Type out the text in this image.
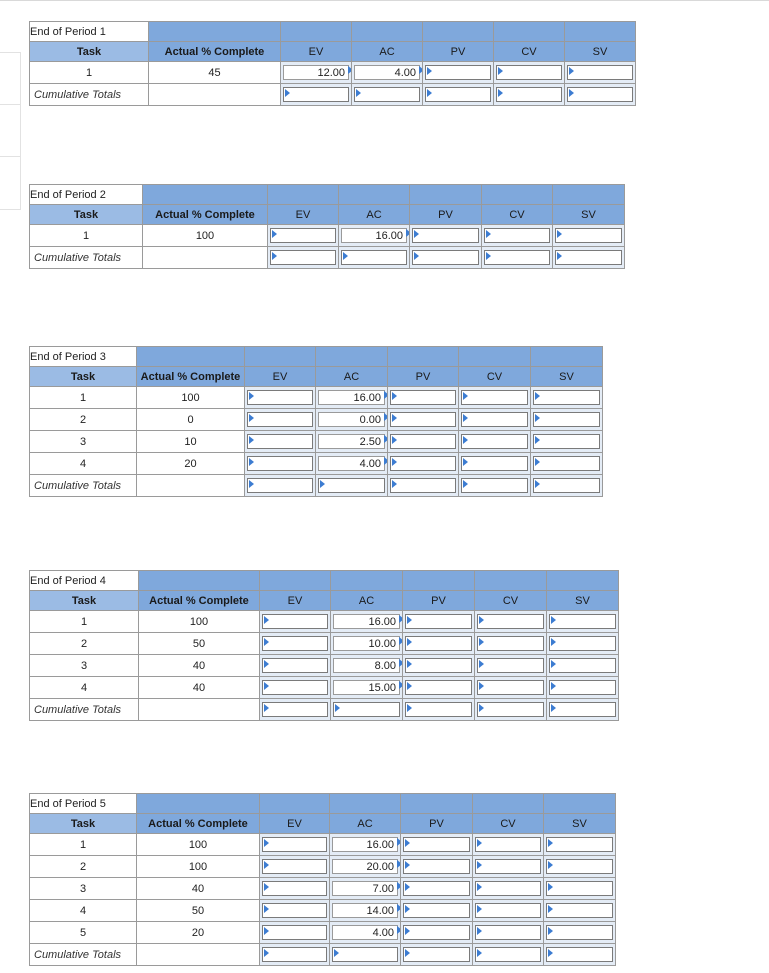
End of Period 1						
Task	Actual % Complete	EV	AC	PV	CV	SV
1	45	12.00	4.00			

Cumulative Totals		

End of Period 2						
Task	Actual % Complete	EV	AC	PV	CV	SV
1	100		16.00			

Cumulative Totals		

End of Period 3						
Task	Actual % Complete	EV	AC	PV	CV	SV
1	100		16.00			

2	0		0.00			

3	10		2.50			

4	20		4.00			

Cumulative Totals		

End of Period 4						
Task	Actual % Complete	EV	AC	PV	CV	SV
1	100		16.00			

2	50		10.00			

3	40		8.00			

4	40		15.00			

Cumulative Totals		

End of Period 5						
Task	Actual % Complete	EV	AC	PV	CV	SV
1	100		16.00			

2	100		20.00			

3	40		7.00			

4	50		14.00			

5	20		4.00			

Cumulative Totals		
